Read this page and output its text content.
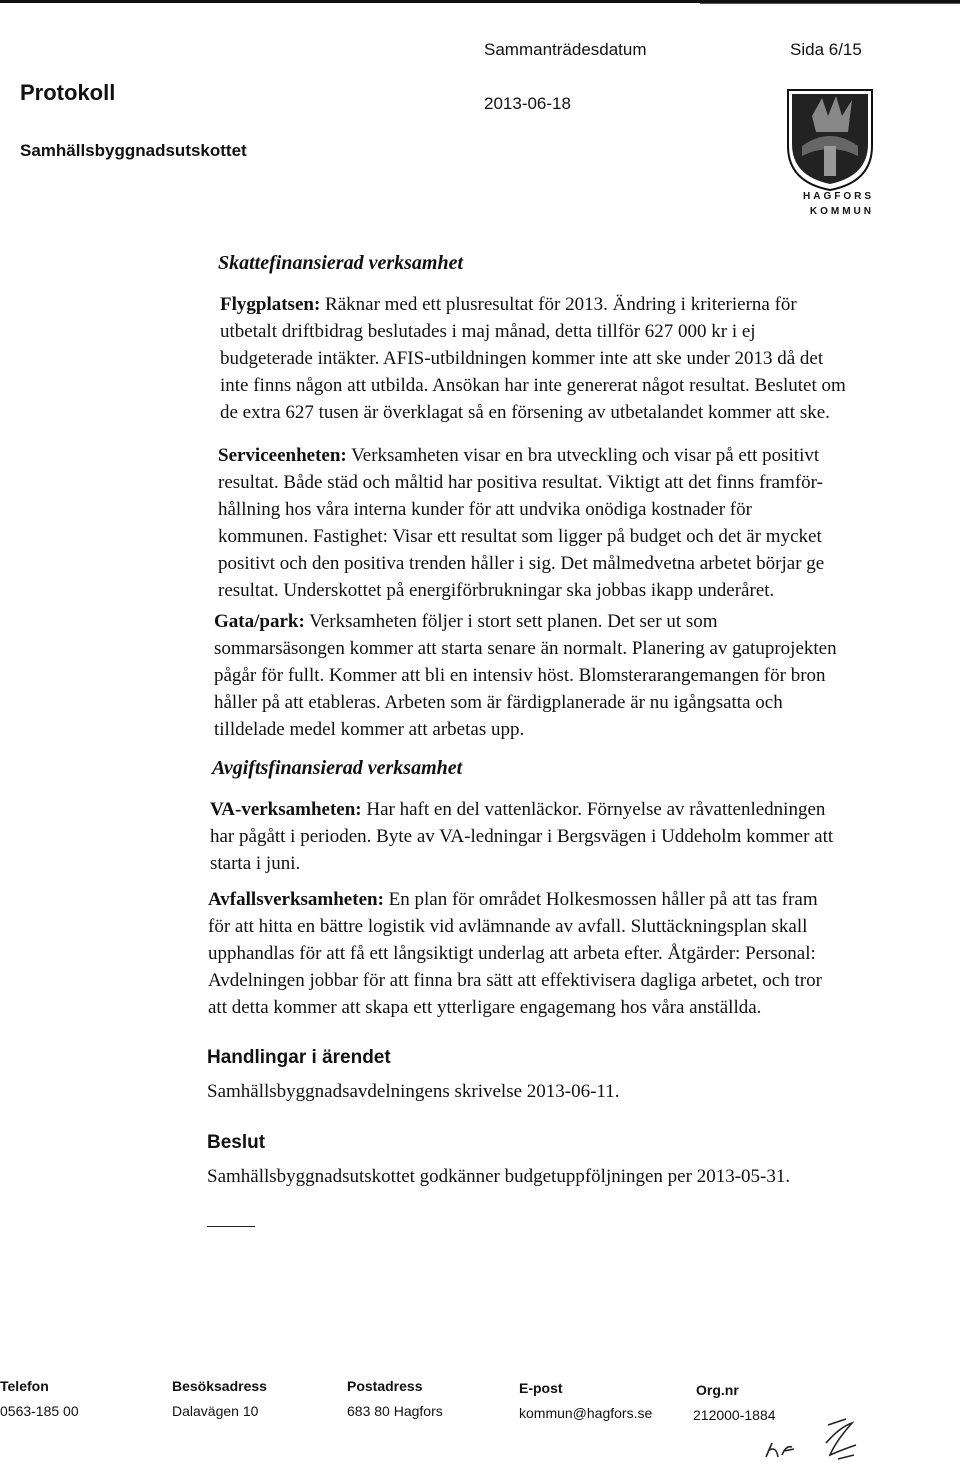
Sammanträdesdatum	Sida 6/15
Protokoll	2013-06-18
Samhällsbyggnadsutskottet
HAGFORS
KOMMUN
Skattefinansierad verksamhet
Flygplatsen: Räknar med ett plusresultat för 2013. Ändring i kriterierna för
utbetalt driftbidrag beslutades i maj månad, detta tillför 627 000 kr i ej
budgeterade intäkter. AFIS-utbildningen kommer inte att ske under 2013 då det
inte finns någon att utbilda. Ansökan har inte genererat något resultat. Beslutet om
de extra 627 tusen är överklagat så en försening av utbetalandet kommer att ske.
Serviceenheten: Verksamheten visar en bra utveckling och visar på ett positivt
resultat. Både städ och måltid har positiva resultat. Viktigt att det finns framför-
hållning hos våra interna kunder för att undvika onödiga kostnader för
kommunen. Fastighet: Visar ett resultat som ligger på budget och det är mycket
positivt och den positiva trenden håller i sig. Det målmedvetna arbetet börjar ge
resultat. Underskottet på energiförbrukningar ska jobbas ikapp underåret.
Gata/park: Verksamheten följer i stort sett planen. Det ser ut som
sommarsäsongen kommer att starta senare än normalt. Planering av gatuprojekten
pågår för fullt. Kommer att bli en intensiv höst. Blomsterarangemangen för bron
håller på att etableras. Arbeten som är färdigplanerade är nu igångsatta och
tilldelade medel kommer att arbetas upp.
Avgiftsfinansierad verksamhet
VA-verksamheten: Har haft en del vattenläckor. Förnyelse av råvattenledningen
har pågått i perioden. Byte av VA-ledningar i Bergsvägen i Uddeholm kommer att
starta i juni.
Avfallsverksamheten: En plan för området Holkesmossen håller på att tas fram
för att hitta en bättre logistik vid avlämnande av avfall. Sluttäckningsplan skall
upphandlas för att få ett långsiktigt underlag att arbeta efter. Åtgärder: Personal:
Avdelningen jobbar för att finna bra sätt att effektivisera dagliga arbetet, och tror
att detta kommer att skapa ett ytterligare engagemang hos våra anställda.
Handlingar i ärendet
Samhällsbyggnadsavdelningens skrivelse 2013-06-11.
Beslut
Samhällsbyggnadsutskottet godkänner budgetuppföljningen per 2013-05-31.
Telefon
0563-185 00
Besöksadress
Dalavägen 10
Postadress
683 80 Hagfors
E-post
kommun@hagfors.se
Org.nr
212000-1884
